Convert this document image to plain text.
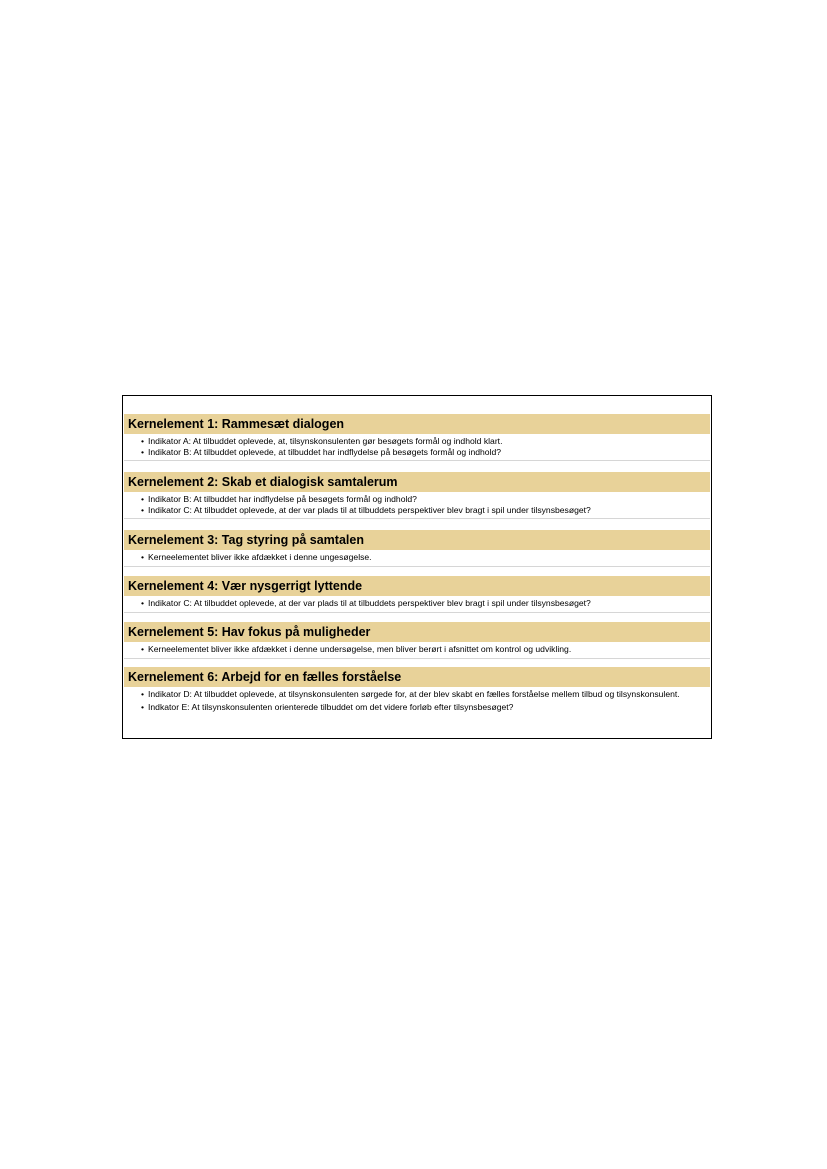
Kernelement 1: Rammesæt dialogen
• Indikator A: At tilbuddet oplevede, at, tilsynskonsulenten gør besøgets formål og indhold klart.
• Indikator B: At tilbuddet oplevede, at tilbuddet har indflydelse på besøgets formål og indhold?
Kernelement 2: Skab et dialogisk samtalerum
• Indikator B: At tilbuddet har indflydelse på besøgets formål og indhold?
• Indikator C: At tilbuddet oplevede, at der var plads til at tilbuddets perspektiver blev bragt i spil under tilsynsbesøget?
Kernelement 3: Tag styring på samtalen
• Kerneelementet bliver ikke afdækket i denne ungesøgelse.
Kernelement 4: Vær nysgerrigt lyttende
• Indikator C: At tilbuddet oplevede, at der var plads til at tilbuddets perspektiver blev bragt i spil under tilsynsbesøget?
Kernelement 5: Hav fokus på muligheder
• Kerneelementet bliver ikke afdækket i denne undersøgelse, men bliver berørt i afsnittet om kontrol og udvikling.
Kernelement 6: Arbejd for en fælles forståelse
• Indikator D: At tilbuddet oplevede, at tilsynskonsulenten sørgede for, at der blev skabt en fælles forståelse mellem tilbud og tilsynskonsulent.
• Indkator E: At tilsynskonsulenten orienterede tilbuddet om det videre forløb efter tilsynsbesøget?
